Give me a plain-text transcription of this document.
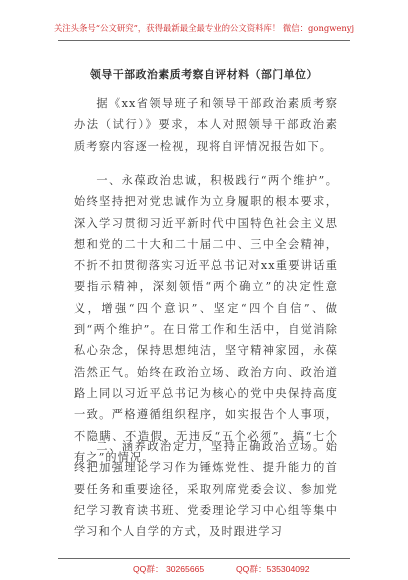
关注头条号“公文研究”，获得最新最全最专业的公文资料库！ 微信：gongwenyj
领导干部政治素质考察自评材料（部门单位）

据《xx省领导班子和领导干部政治素质考察办法（试行）》要求，本人对照领导干部政治素质考察内容逐一检视，现将自评情况报告如下。

一、永葆政治忠诚，积极践行“两个维护”。始终坚持把对党忠诚作为立身履职的根本要求，深入学习贯彻习近平新时代中国特色社会主义思想和党的二十大和二十届二中、三中全会精神，不折不扣贯彻落实习近平总书记对xx重要讲话重要指示精神，深刻领悟“两个确立”的决定性意义，增强“四个意识”、坚定“四个自信”、做到“两个维护”。在日常工作和生活中，自觉消除私心杂念，保持思想纯洁，坚守精神家园，永葆浩然正气。始终在政治立场、政治方向、政治道路上同以习近平总书记为核心的党中央保持高度一致。严格遵循组织程序，如实报告个人事项，不隐瞒、不造假，无违反“五个必须”、搞“七个有之”的情况。

二、涵养政治定力，坚持正确政治立场。始终把加强理论学习作为锤炼党性、提升能力的首要任务和重要途径，采取列席党委会议、参加党纪学习教育读书班、党委理论学习中心组等集中学习和个人自学的方式，及时跟进学习

QQ群： 30265665	QQ群：535304092
